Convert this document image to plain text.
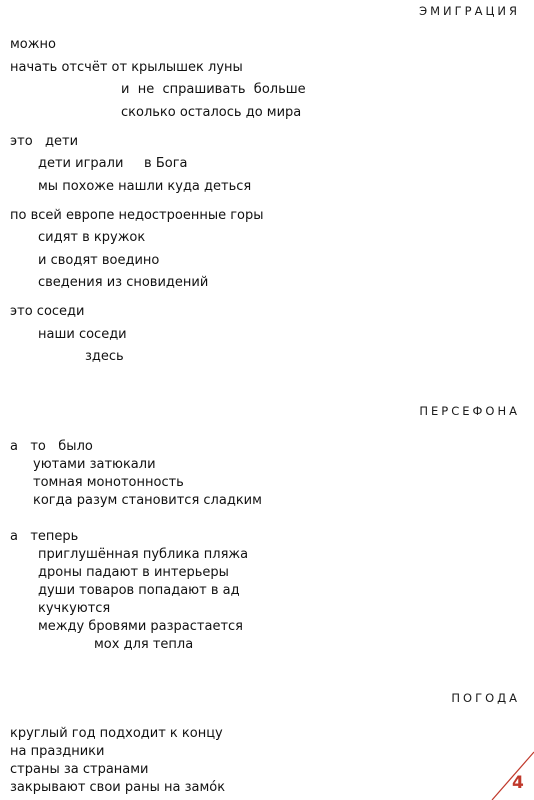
ЭМИГРАЦИЯ
можно
начать отсчёт от крылышек луны
и  не  спрашивать  больше
сколько осталось до мира
это   дети
дети играли     в Бога
мы похоже нашли куда деться
по всей европе недостроенные горы
сидят в кружок
и сводят воедино
сведения из сновидений
это соседи
наши соседи
здесь
ПЕРСЕФОНА
а   то   было
уютами затюкали
томная монотонность
когда разум становится сладким
а   теперь
приглушённая публика пляжа
дроны падают в интерьеры
души товаров попадают в ад
кучкуются
между бровями разрастается
мох для тепла
ПОГОДА
круглый год подходит к концу
на праздники
страны за странами
закрывают свои раны на замо́к	4
